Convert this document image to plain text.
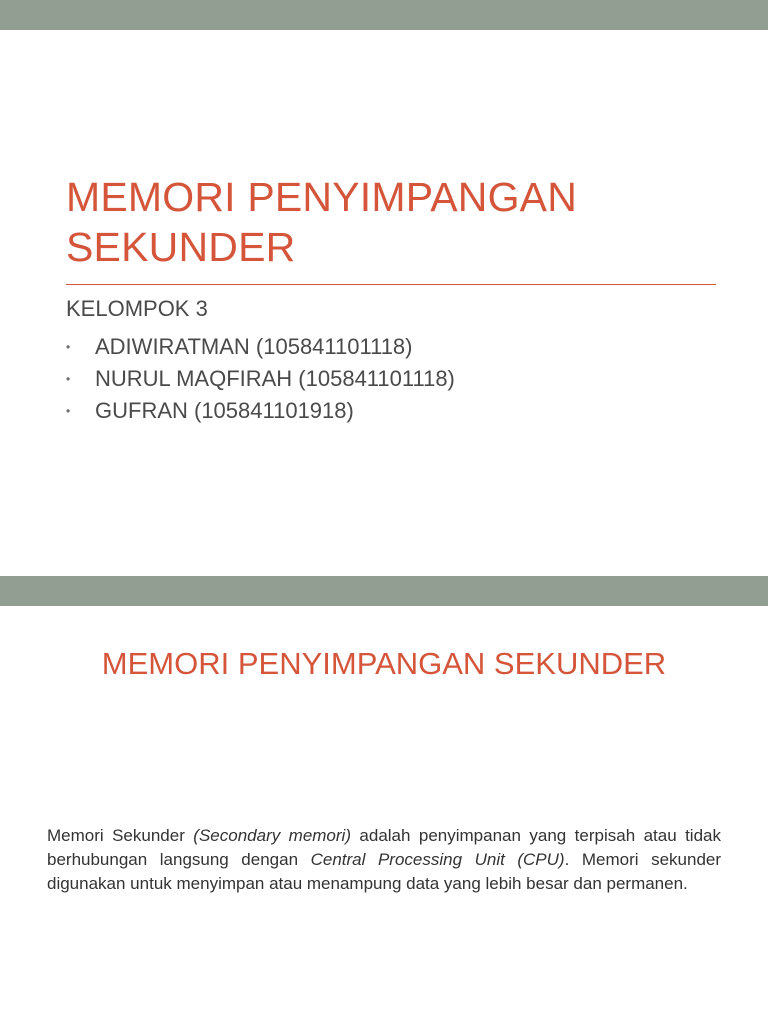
MEMORI PENYIMPANGAN
SEKUNDER

KELOMPOK 3

• ADIWIRATMAN (105841101118)
• NURUL MAQFIRAH (105841101118)
• GUFRAN (105841101918)
MEMORI PENYIMPANGAN SEKUNDER

Memori Sekunder (Secondary memori) adalah penyimpanan yang terpisah atau tidak berhubungan langsung dengan Central Processing Unit (CPU). Memori sekunder digunakan untuk menyimpan atau menampung data yang lebih besar dan permanen.
